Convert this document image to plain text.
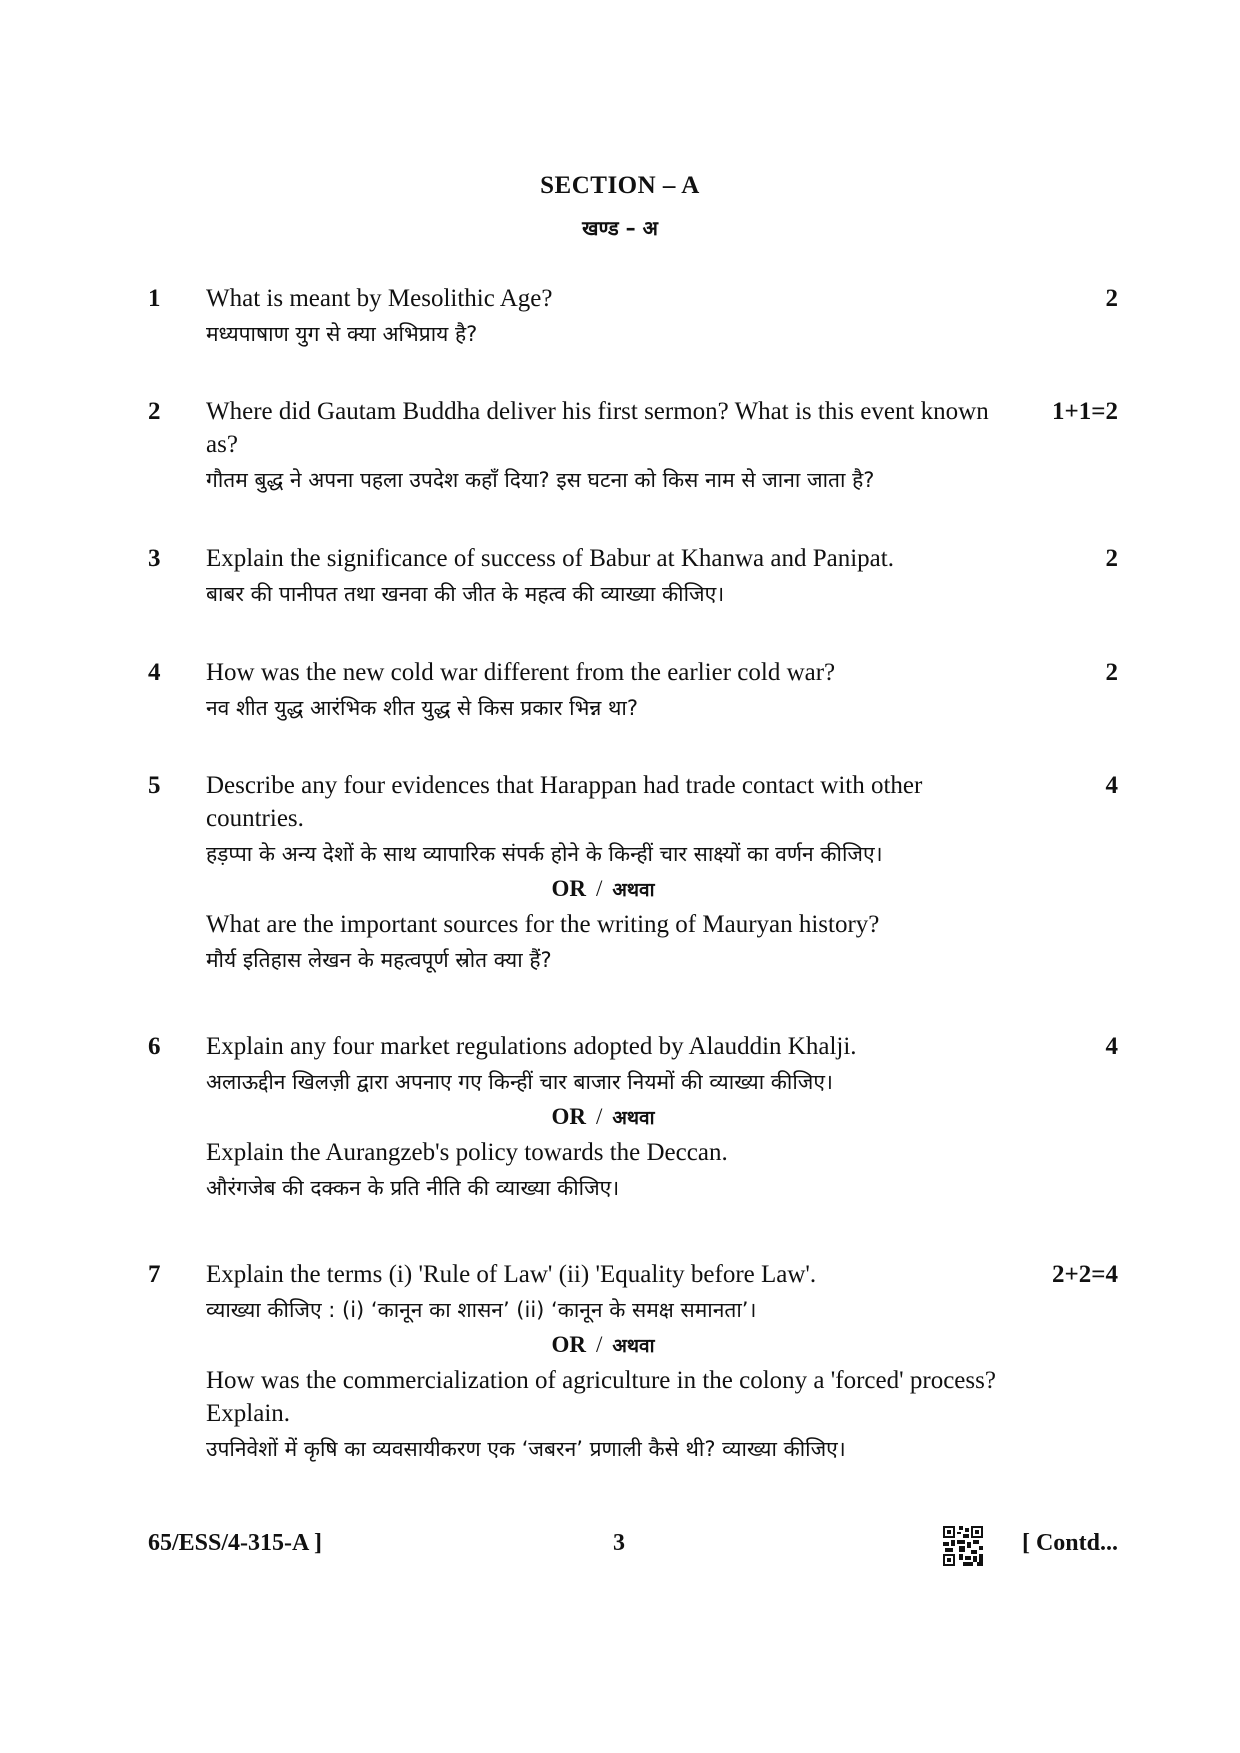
SECTION – A
खण्ड – अ
1	2
What is meant by Mesolithic Age?
मध्यपाषाण युग से क्या अभिप्राय है?
2	1+1=2
Where did Gautam Buddha deliver his first sermon? What is this event known as?
गौतम बुद्ध ने अपना पहला उपदेश कहाँ दिया? इस घटना को किस नाम से जाना जाता है?
3	2
Explain the significance of success of Babur at Khanwa and Panipat.
बाबर की पानीपत तथा खनवा की जीत के महत्व की व्याख्या कीजिए।
4	2
How was the new cold war different from the earlier cold war?
नव शीत युद्ध आरंभिक शीत युद्ध से किस प्रकार भिन्न था?
5	4
Describe any four evidences that Harappan had trade contact with other countries.
हड़प्पा के अन्य देशों के साथ व्यापारिक संपर्क होने के किन्हीं चार साक्ष्यों का वर्णन कीजिए।
OR / अथवा
What are the important sources for the writing of Mauryan history?
मौर्य इतिहास लेखन के महत्वपूर्ण स्रोत क्या हैं?
6	4
Explain any four market regulations adopted by Alauddin Khalji.
अलाऊद्दीन खिलज़ी द्वारा अपनाए गए किन्हीं चार बाजार नियमों की व्याख्या कीजिए।
OR / अथवा
Explain the Aurangzeb's policy towards the Deccan.
औरंगजेब की दक्कन के प्रति नीति की व्याख्या कीजिए।
7	2+2=4
Explain the terms (i) 'Rule of Law' (ii) 'Equality before Law'.
व्याख्या कीजिए : (i) ‘कानून का शासन’ (ii) ‘कानून के समक्ष समानता’।
OR / अथवा
How was the commercialization of agriculture in the colony a 'forced' process? Explain.
उपनिवेशों में कृषि का व्यवसायीकरण एक ‘जबरन’ प्रणाली कैसे थी? व्याख्या कीजिए।
65/ESS/4-315-A ]	3	[ Contd...
